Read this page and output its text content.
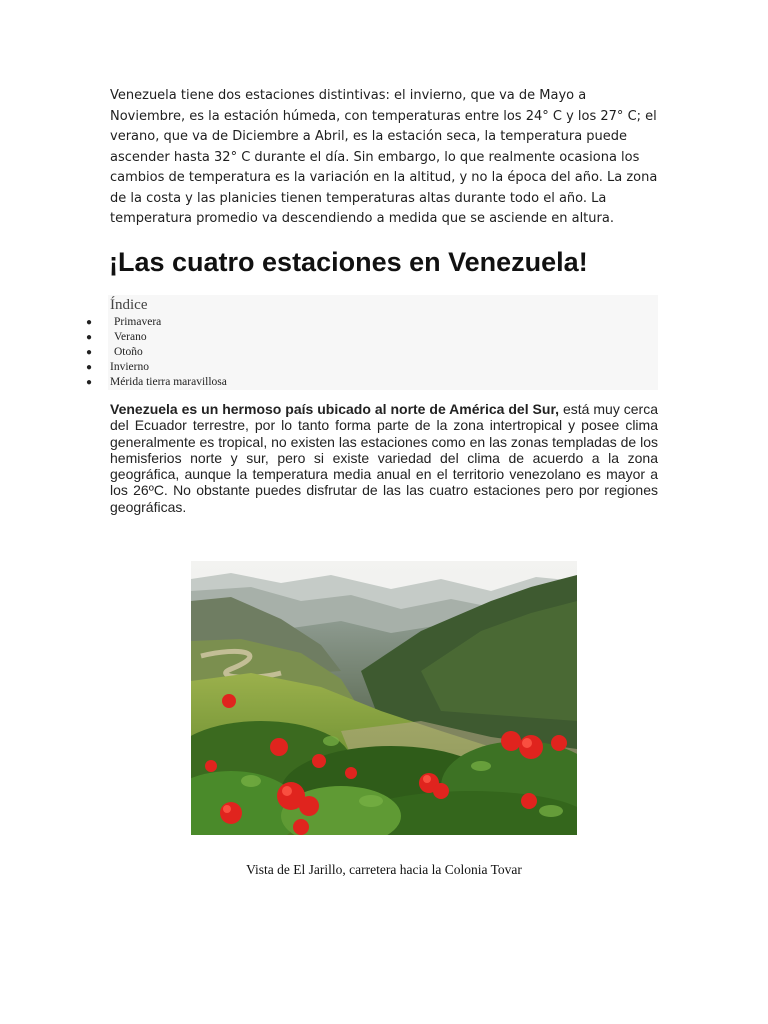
Venezuela tiene dos estaciones distintivas: el invierno, que va de Mayo a Noviembre, es la estación húmeda, con temperaturas entre los 24° C y los 27° C; el verano, que va de Diciembre a Abril, es la estación seca, la temperatura puede ascender hasta 32° C durante el día. Sin embargo, lo que realmente ocasiona los cambios de temperatura es la variación en la altitud, y no la época del año. La zona de la costa y las planicies tienen temperaturas altas durante todo el año. La temperatura promedio va descendiendo a medida que se asciende en altura.

¡Las cuatro estaciones en Venezuela!
Índice
● Primavera
● Verano
● Otoño
● Invierno
● Mérida tierra maravillosa

Venezuela es un hermoso país ubicado al norte de América del Sur, está muy cerca del Ecuador terrestre, por lo tanto forma parte de la zona intertropical y posee clima generalmente es tropical, no existen las estaciones como en las zonas templadas de los hemisferios norte y sur, pero si existe variedad del clima de acuerdo a la zona geográfica, aunque la temperatura media anual en el territorio venezolano es mayor a los 26ºC. No obstante puedes disfrutar de las las cuatro estaciones pero por regiones geográficas.

Vista de El Jarillo, carretera hacia la Colonia Tovar
